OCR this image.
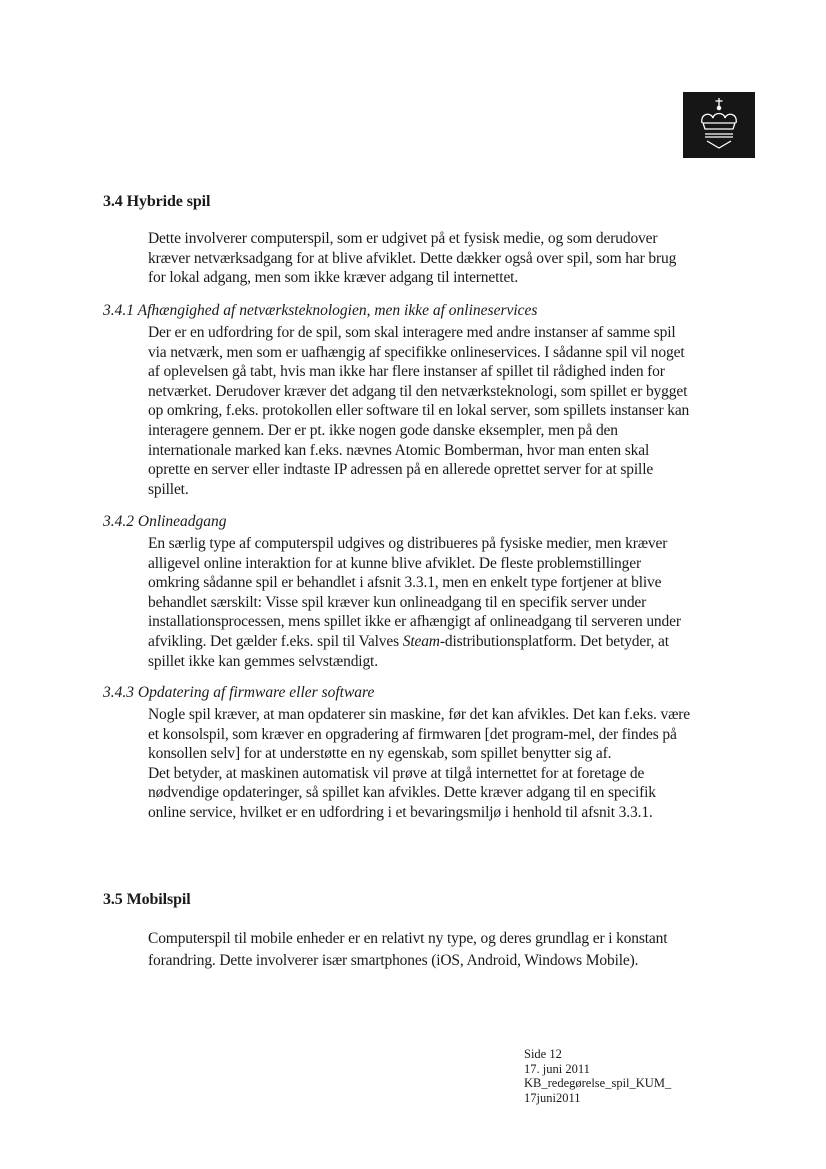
3.4 Hybride spil

Dette involverer computerspil, som er udgivet på et fysisk medie, og som derudover kræver netværksadgang for at blive afviklet. Dette dækker også over spil, som har brug for lokal adgang, men som ikke kræver adgang til internettet.

3.4.1 Afhængighed af netværksteknologien, men ikke af onlineservices

Der er en udfordring for de spil, som skal interagere med andre instanser af samme spil via netværk, men som er uafhængig af specifikke onlineservices. I sådanne spil vil noget af oplevelsen gå tabt, hvis man ikke har flere instanser af spillet til rådighed inden for netværket. Derudover kræver det adgang til den netværksteknologi, som spillet er bygget op omkring, f.eks. protokollen eller software til en lokal server, som spillets instanser kan interagere gennem. Der er pt. ikke nogen gode danske eksempler, men på den internationale marked kan f.eks. nævnes Atomic Bomberman, hvor man enten skal oprette en server eller indtaste IP adressen på en allerede oprettet server for at spille spillet.

3.4.2 Onlineadgang

En særlig type af computerspil udgives og distribueres på fysiske medier, men kræver alligevel online interaktion for at kunne blive afviklet. De fleste problemstillinger omkring sådanne spil er behandlet i afsnit 3.3.1, men en enkelt type fortjener at blive behandlet særskilt: Visse spil kræver kun onlineadgang til en specifik server under installationsprocessen, mens spillet ikke er afhængigt af onlineadgang til serveren under afvikling. Det gælder f.eks. spil til Valves Steam-distributionsplatform. Det betyder, at spillet ikke kan gemmes selvstændigt.

3.4.3 Opdatering af firmware eller software

Nogle spil kræver, at man opdaterer sin maskine, før det kan afvikles. Det kan f.eks. være et konsolspil, som kræver en opgradering af firmwaren [det program-mel, der findes på konsollen selv] for at understøtte en ny egenskab, som spillet benytter sig af.

Det betyder, at maskinen automatisk vil prøve at tilgå internettet for at foretage de nødvendige opdateringer, så spillet kan afvikles. Dette kræver adgang til en specifik online service, hvilket er en udfordring i et bevaringsmiljø i henhold til afsnit 3.3.1.

3.5 Mobilspil

Computerspil til mobile enheder er en relativt ny type, og deres grundlag er i konstant forandring. Dette involverer især smartphones (iOS, Android, Windows Mobile).

Side 12
17. juni 2011
KB_redegørelse_spil_KUM_
17juni2011
